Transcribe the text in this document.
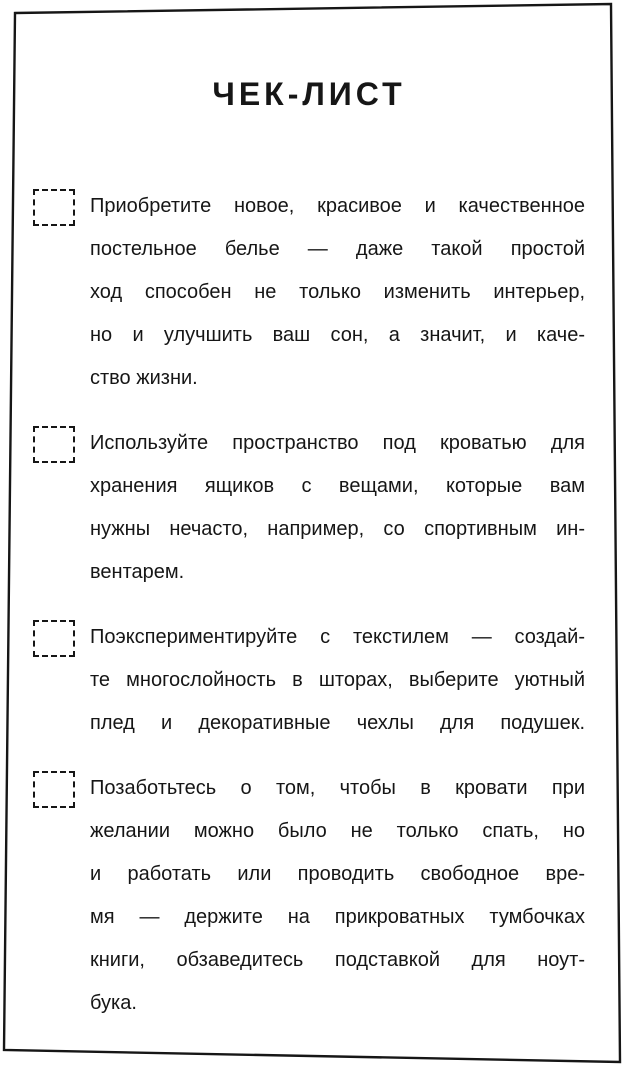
ЧЕК-ЛИСТ
Приобретите новое, красивое и качественное
постельное белье — даже такой простой
ход способен не только изменить интерьер,
но и улучшить ваш сон, а значит, и каче-
ство жизни.
Используйте пространство под кроватью для
хранения ящиков с вещами, которые вам
нужны нечасто, например, со спортивным ин-
вентарем.
Поэкспериментируйте с текстилем — создай-
те многослойность в шторах, выберите уютный
плед и декоративные чехлы для подушек.
Позаботьтесь о том, чтобы в кровати при
желании можно было не только спать, но
и работать или проводить свободное вре-
мя — держите на прикроватных тумбочках
книги, обзаведитесь подставкой для ноут-
бука.
